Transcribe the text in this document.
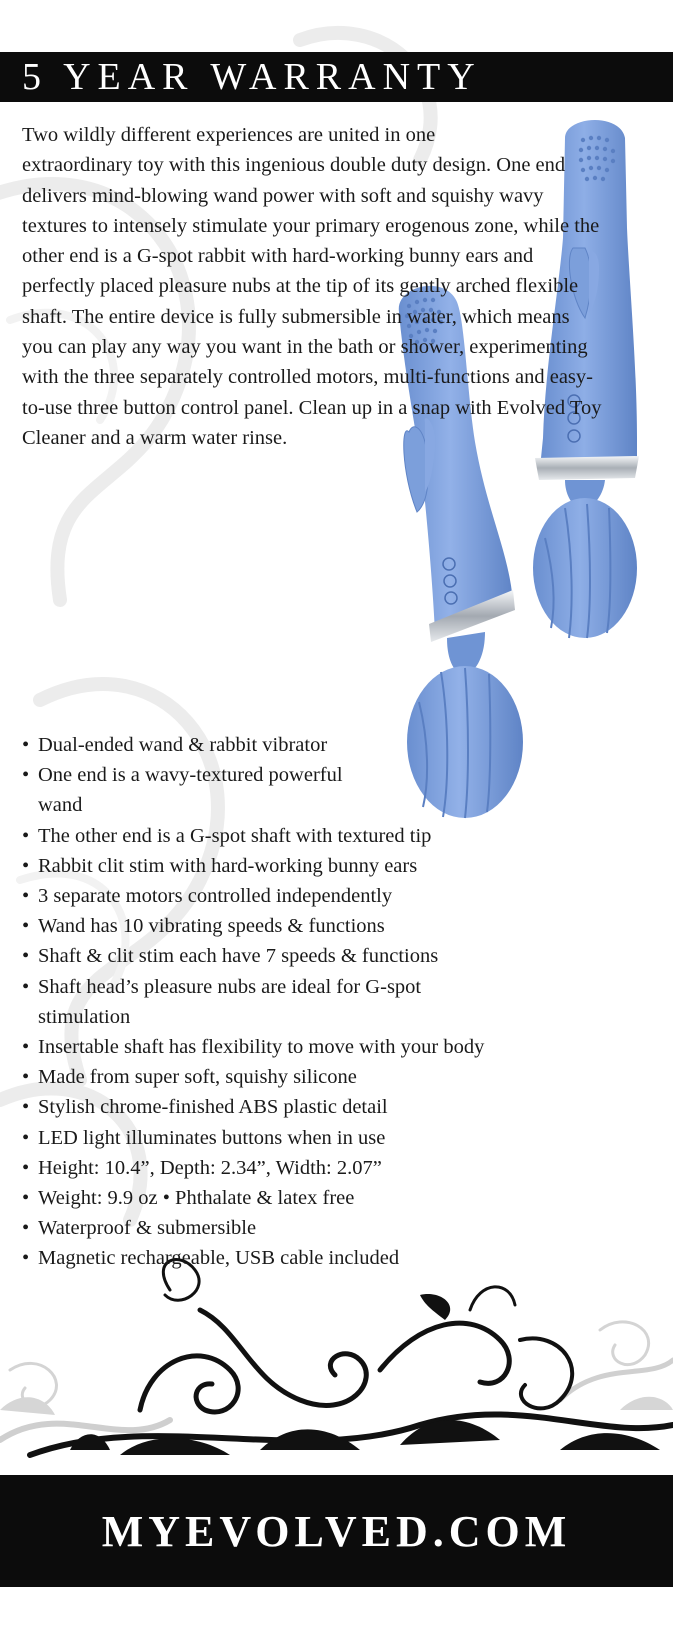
5 YEAR WARRANTY

Two wildly different experiences are united in one extraordinary toy with this ingenious double duty design. One end delivers mind-blowing wand power with soft and squishy wavy textures to intensely stimulate your primary erogenous zone, while the other end is a G-spot rabbit with hard-working bunny ears and perfectly placed pleasure nubs at the tip of its gently arched flexible shaft. The entire device is fully submersible in water, which means you can play any way you want in the bath or shower, experimenting with the three separately controlled motors, multi-functions and easy-to-use three button control panel. Clean up in a snap with Evolved Toy Cleaner and a warm water rinse.

• Dual-ended wand & rabbit vibrator
• One end is a wavy-textured powerful wand
• The other end is a G-spot shaft with textured tip
• Rabbit clit stim with hard-working bunny ears
• 3 separate motors controlled independently
• Wand has 10 vibrating speeds & functions
• Shaft & clit stim each have 7 speeds & functions
• Shaft head’s pleasure nubs are ideal for G-spot stimulation
• Insertable shaft has flexibility to move with your body
• Made from super soft, squishy silicone
• Stylish chrome-finished ABS plastic detail
• LED light illuminates buttons when in use
• Height: 10.4”, Depth: 2.34”, Width: 2.07”
• Weight: 9.9 oz • Phthalate & latex free
• Waterproof & submersible
• Magnetic rechargeable, USB cable included
MYEVOLVED.COM
